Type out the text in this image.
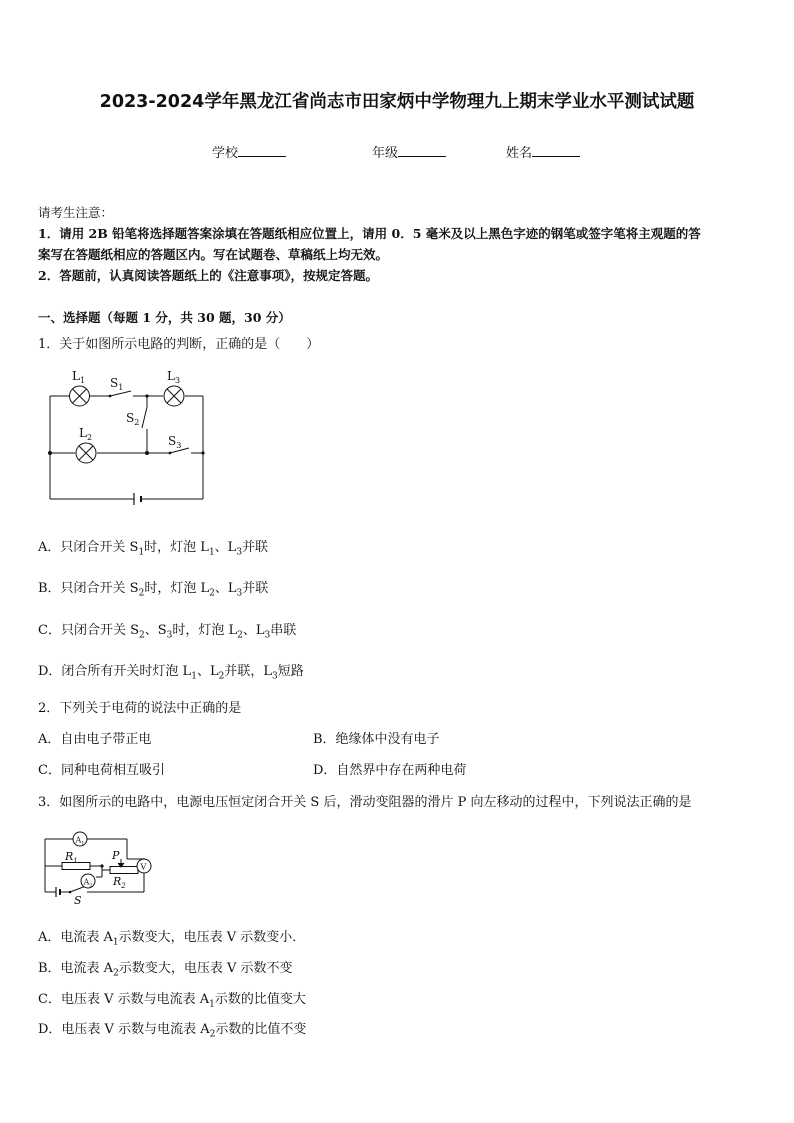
2023-2024学年黑龙江省尚志市田家炳中学物理九上期末学业水平测试试题
学校	年级	姓名
请考生注意：
1．请用 2B 铅笔将选择题答案涂填在答题纸相应位置上，请用 0．5 毫米及以上黑色字迹的钢笔或签字笔将主观题的答
案写在答题纸相应的答题区内。写在试题卷、草稿纸上均无效。
2．答题前，认真阅读答题纸上的《注意事项》，按规定答题。
一、选择题（每题 1 分，共 30 题，30 分）
1．关于如图所示电路的判断，正确的是（　　）
$L_1$ $S_1$
$L_3$
$S_2$
$L_2$	$S_3$
A．只闭合开关 $S_1$时，灯泡 $L_1$、$L_3$并联
B．只闭合开关 $S_2$时，灯泡 $L_2$、$L_3$并联
C．只闭合开关 $S_2$、$S_3$时，灯泡 $L_2$、$L_3$串联
D．闭合所有开关时灯泡 $L_1$、$L_2$并联，$L_3$短路
2．下列关于电荷的说法中正确的是
A．自由电子带正电	B．绝缘体中没有电子
C．同种电荷相互吸引	D．自然界中存在两种电荷
3．如图所示的电路中，电源电压恒定闭合开关 S 后，滑动变阻器的滑片 P 向左移动的过程中，下列说法正确的是
$A_1$
$R_1$	P
V
$A_2$ $R_2$
S
A．电流表 $A_1$示数变大，电压表 V 示数变小．
B．电流表 $A_2$示数变大，电压表 V 示数不变
C．电压表 V 示数与电流表 $A_1$示数的比值变大
D．电压表 V 示数与电流表 $A_2$示数的比值不变
